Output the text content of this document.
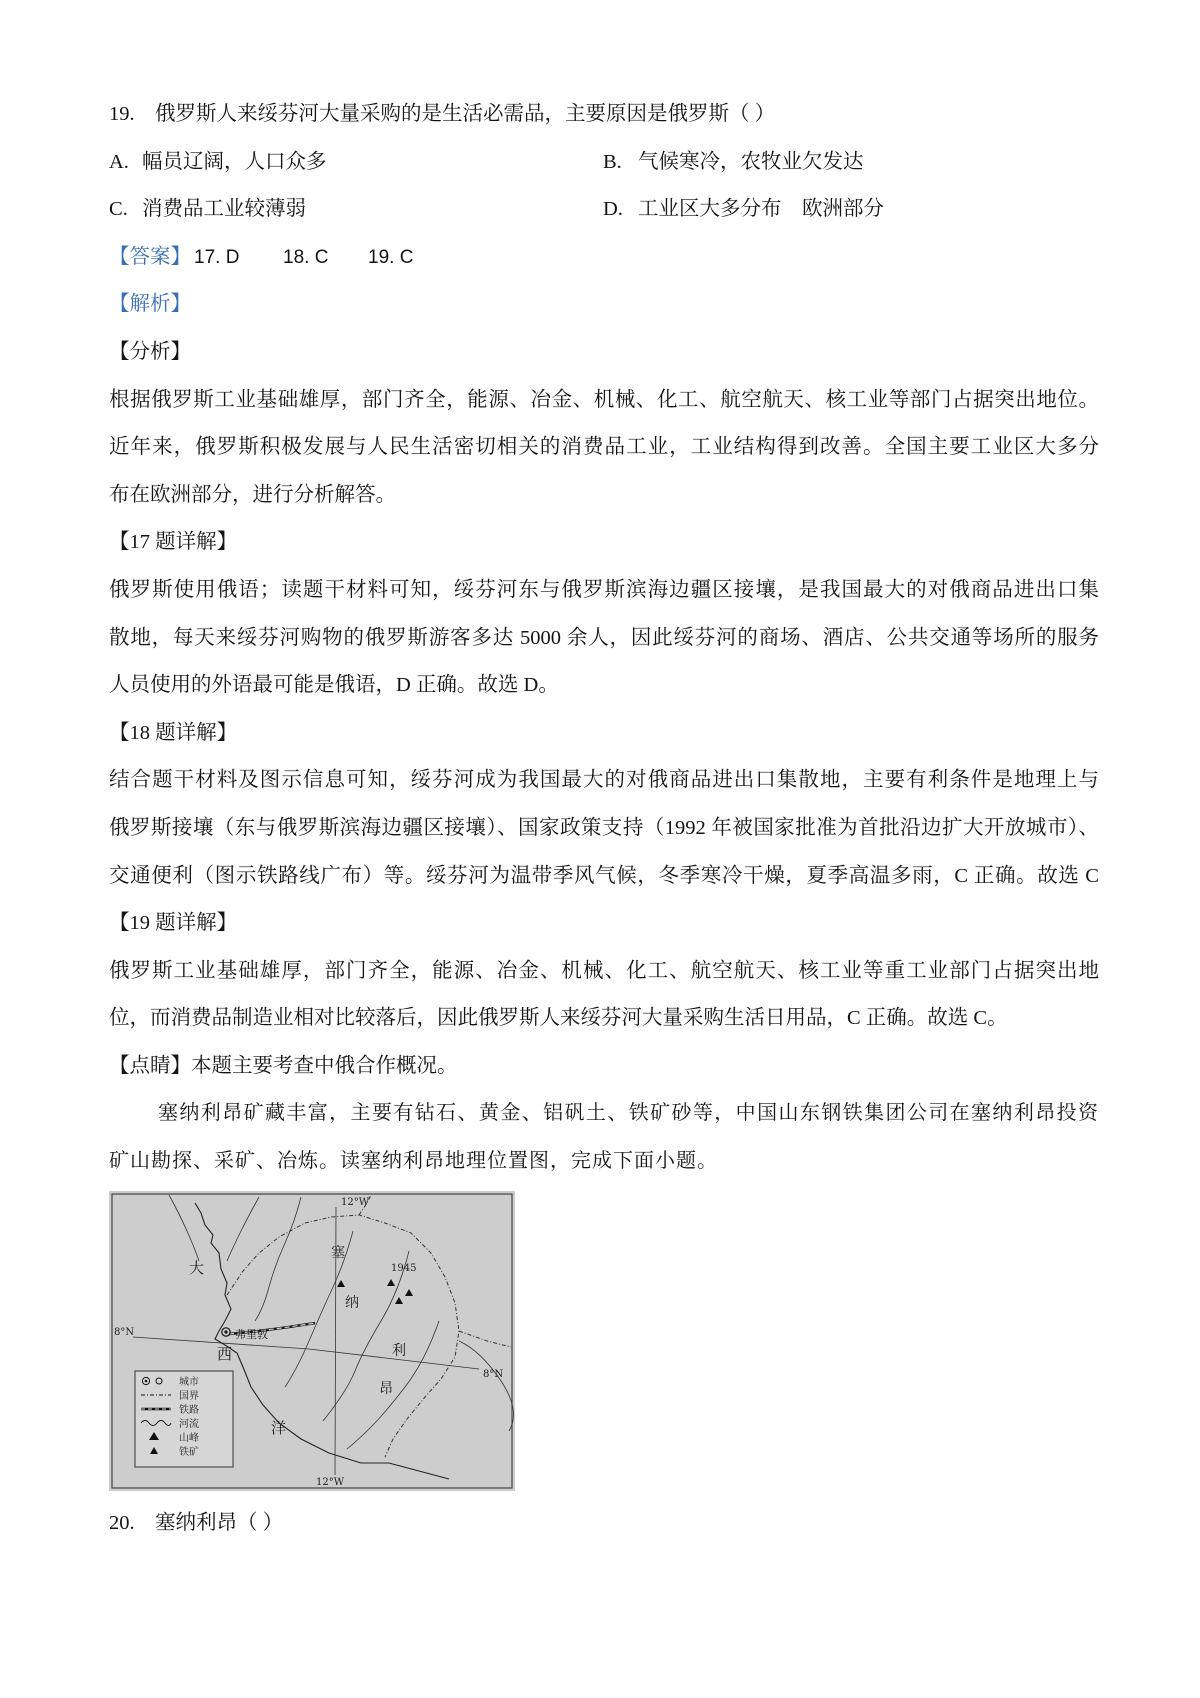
19. 俄罗斯人来绥芬河大量采购的是生活必需品，主要原因是俄罗斯（ ）
A. 幅员辽阔，人口众多	B. 气候寒冷，农牧业欠发达
C. 消费品工业较薄弱	D. 工业区大多分布　欧洲部分
【答案】 17. D 18. C 19. C
【解析】
【分析】
根据俄罗斯工业基础雄厚，部门齐全，能源、冶金、机械、化工、航空航天、核工业等部门占据突出地位。
近年来，俄罗斯积极发展与人民生活密切相关的消费品工业，工业结构得到改善。全国主要工业区大多分
布在欧洲部分，进行分析解答。
【17 题详解】
俄罗斯使用俄语；读题干材料可知，绥芬河东与俄罗斯滨海边疆区接壤，是我国最大的对俄商品进出口集
散地，每天来绥芬河购物的俄罗斯游客多达 5000 余人，因此绥芬河的商场、酒店、公共交通等场所的服务
人员使用的外语最可能是俄语，D 正确。故选 D。
【18 题详解】
结合题干材料及图示信息可知，绥芬河成为我国最大的对俄商品进出口集散地，主要有利条件是地理上与
俄罗斯接壤（东与俄罗斯滨海边疆区接壤）、国家政策支持（1992 年被国家批准为首批沿边扩大开放城市）、
交通便利（图示铁路线广布）等。绥芬河为温带季风气候，冬季寒冷干燥，夏季高温多雨，C 正确。故选 C
【19 题详解】
俄罗斯工业基础雄厚，部门齐全，能源、冶金、机械、化工、航空航天、核工业等重工业部门占据突出地
位，而消费品制造业相对比较落后，因此俄罗斯人来绥芬河大量采购生活日用品，C 正确。故选 C。
【点睛】本题主要考查中俄合作概况。
塞纳利昂矿藏丰富，主要有钻石、黄金、铝矾土、铁矿砂等，中国山东钢铁集团公司在塞纳利昂投资
矿山勘探、采矿、冶炼。读塞纳利昂地理位置图，完成下面小题。
弗里敦
1945
大
西
洋
塞
纳
利
昂
12°W
12°W
8°N
8°N
城市
国界
铁路
河流
山峰
铁矿
20. 塞纳利昂（ ）
